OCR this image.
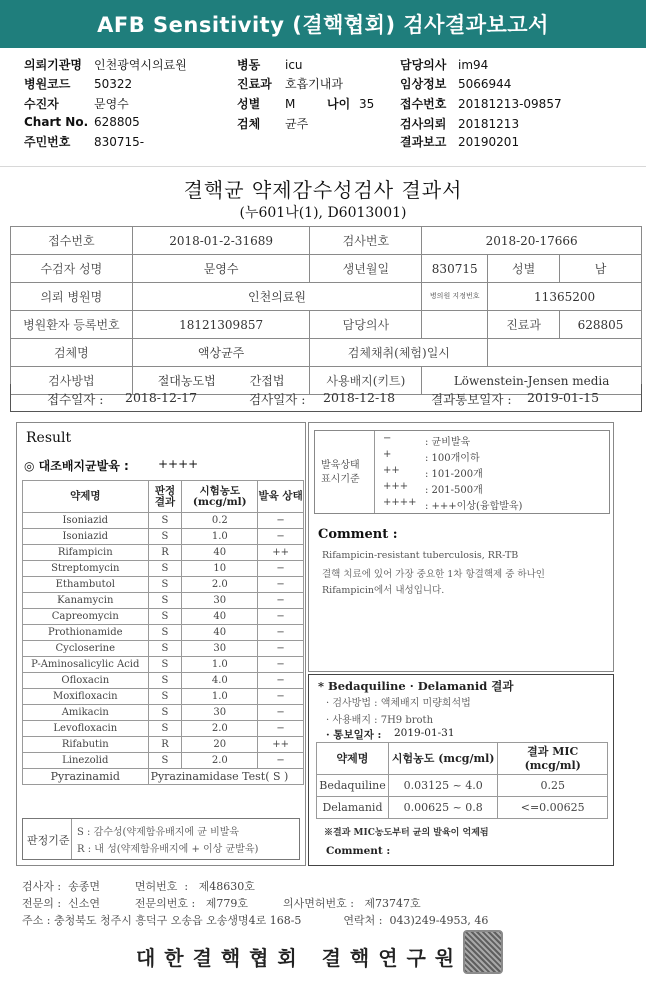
AFB Sensitivity (결핵협회) 검사결과보고서
의뢰기관명 인천광역시의료원
병원코드 50322
수진자	문영수
Chart No. 628805
주민번호 830715-
병동 icu
진료과 호흡기내과
성별 M	나이 35
검체 균주
담당의사 im94
임상정보 5066944
접수번호 20181213-09857
검사의뢰 20181213
결과보고 20190201
결핵균 약제감수성검사 결과서
(누601나(1), D6013001)
접수번호	2018-01-2-31689	검사번호	2018-20-17666		
수검자 성명	문영수	생년월일	830715	성별	남
의뢰 병원명	인천의료원		병의원 지정번호	11365200	
병원환자 등록번호	18121309857	담당의사		진료과	628805
검체명	액상균주	검체채취(체험)일시			
검사방법	절대농도법 간접법	사용배지(키트)	Löwenstein-Jensen media		
접수일자 : 2018-12-17	검사일자 : 2018-12-18	결과통보일자 : 2019-01-15
Result
◎ 대조배지균발육 : ++++
약제명	판정 결과	시험농도 (mcg/ml)	발육 상태
Isoniazid	S	0.2	−
Isoniazid	S	1.0	−
Rifampicin	R	40	++
Streptomycin	S	10	−
Ethambutol	S	2.0	−
Kanamycin	S	30	−
Capreomycin	S	40	−
Prothionamide	S	40	−
Cycloserine	S	30	−
P-Aminosalicylic Acid	S	1.0	−
Ofloxacin	S	4.0	−
Moxifloxacin	S	1.0	−
Amikacin	S	30	−
Levofloxacin	S	2.0	−
Rifabutin	R	20	++
Linezolid	S	2.0	−
Pyrazinamid	Pyrazinamidase Test( S )		
판정기준
S : 감수성(약제함유배지에 균 비발육
R : 내 성(약제함유배지에 + 이상 균발육)
발육상태 표시기준
−	: 균비발육
+	: 100개이하
++	: 101-200개
+++ : 201-500개
++++ : +++이상(융합발육)
Comment :
Rifampicin-resistant tuberculosis, RR-TB
결핵 치료에 있어 가장 중요한 1차 항결핵제 중 하나인
Rifampicin에서 내성입니다.
* Bedaquiline · Delamanid 결과
· 검사방법 : 액체배지 미량희석법
· 사용배지 : 7H9 broth
· 통보일자 : 2019-01-31
약제명	시험농도 (mcg/ml)	결과 MIC (mcg/ml)
Bedaquiline	0.03125 ~ 4.0	0.25
Delamanid	0.00625 ~ 0.8	<=0.00625
※결과 MIC농도부터 균의 발육이 억제됨
Comment :
검사자 :  송종면          면허번호  :   제48630호
전문의 :  신소연          전문의번호 :   제779호          의사면허번호 :   제73747호
주소 : 충청북도 청주시 흥덕구 오송읍 오송생명4로 168-5            연락처 :  043)249-4953, 46
대 한 결 핵 협 회   결 핵 연 구 원
